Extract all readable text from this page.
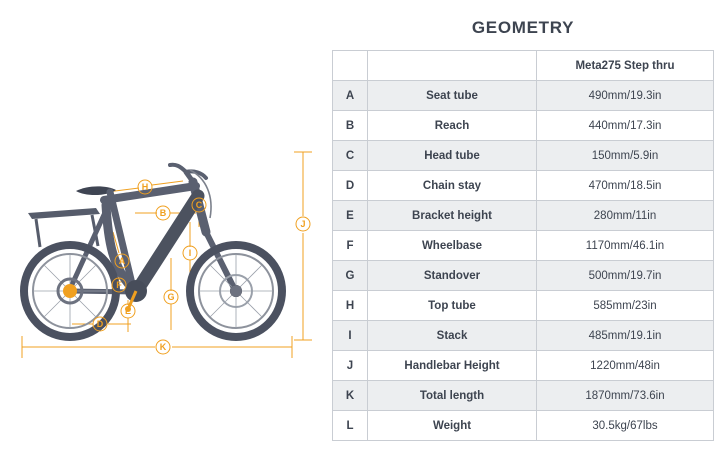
A
B
C
D
E
F
G
H
I
J
K
GEOMETRY
		Meta275 Step thru
A	Seat tube	490mm/19.3in
B	Reach	440mm/17.3in
C	Head tube	150mm/5.9in
D	Chain stay	470mm/18.5in
E	Bracket height	280mm/11in
F	Wheelbase	1170mm/46.1in
G	Standover	500mm/19.7in
H	Top tube	585mm/23in
I	Stack	485mm/19.1in
J	Handlebar Height	1220mm/48in
K	Total length	1870mm/73.6in
L	Weight	30.5kg/67lbs
